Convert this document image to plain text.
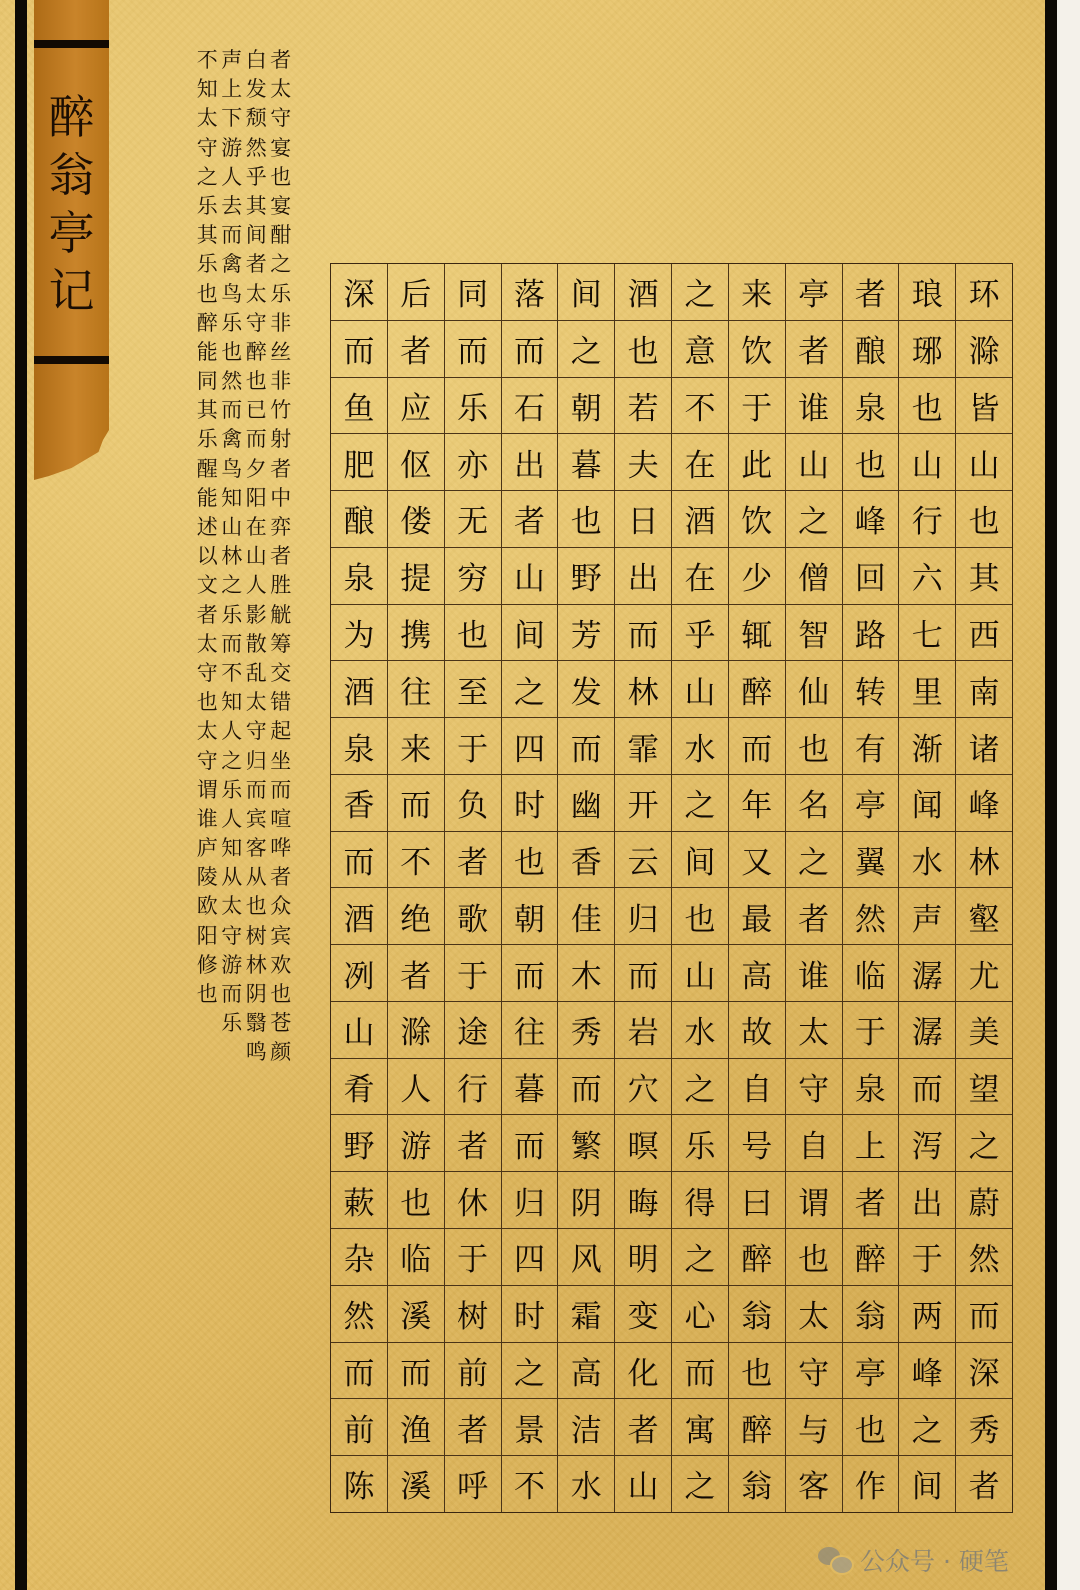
醉
翁
亭
记
者
太
守
宴
也
宴
酣
之
乐
非
丝
非
竹
射
者
中
弈
者
胜
觥
筹
交
错
起
坐
而
喧
哗
者
众
宾
欢
也
苍
颜
白
发
颓
然
乎
其
间
者
太
守
醉
也
已
而
夕
阳
在
山
人
影
散
乱
太
守
归
而
宾
客
从
也
树
林
阴
翳
鸣
声
上
下
游
人
去
而
禽
鸟
乐
也
然
而
禽
鸟
知
山
林
之
乐
而
不
知
人
之
乐
人
知
从
太
守
游
而
乐
不
知
太
守
之
乐
其
乐
也
醉
能
同
其
乐
醒
能
述
以
文
者
太
守
也
太
守
谓
谁
庐
陵
欧
阳
修
也
环
滁
皆
山
也
其
西
南
诸
峰
林
壑
尤
美
望
之
蔚
然
而
深
秀
者
琅
琊
也
山
行
六
七
里
渐
闻
水
声
潺
潺
而
泻
出
于
两
峰
之
间
者
酿
泉
也
峰
回
路
转
有
亭
翼
然
临
于
泉
上
者
醉
翁
亭
也
作
亭
者
谁
山
之
僧
智
仙
也
名
之
者
谁
太
守
自
谓
也
太
守
与
客
来
饮
于
此
饮
少
辄
醉
而
年
又
最
高
故
自
号
曰
醉
翁
也
醉
翁
之
意
不
在
酒
在
乎
山
水
之
间
也
山
水
之
乐
得
之
心
而
寓
之
酒
也
若
夫
日
出
而
林
霏
开
云
归
而
岩
穴
暝
晦
明
变
化
者
山
间
之
朝
暮
也
野
芳
发
而
幽
香
佳
木
秀
而
繁
阴
风
霜
高
洁
水
落
而
石
出
者
山
间
之
四
时
也
朝
而
往
暮
而
归
四
时
之
景
不
同
而
乐
亦
无
穷
也
至
于
负
者
歌
于
途
行
者
休
于
树
前
者
呼
后
者
应
伛
偻
提
携
往
来
而
不
绝
者
滁
人
游
也
临
溪
而
渔
溪
深
而
鱼
肥
酿
泉
为
酒
泉
香
而
酒
冽
山
肴
野
蔌
杂
然
而
前
陈
公众号 · 硬笔
